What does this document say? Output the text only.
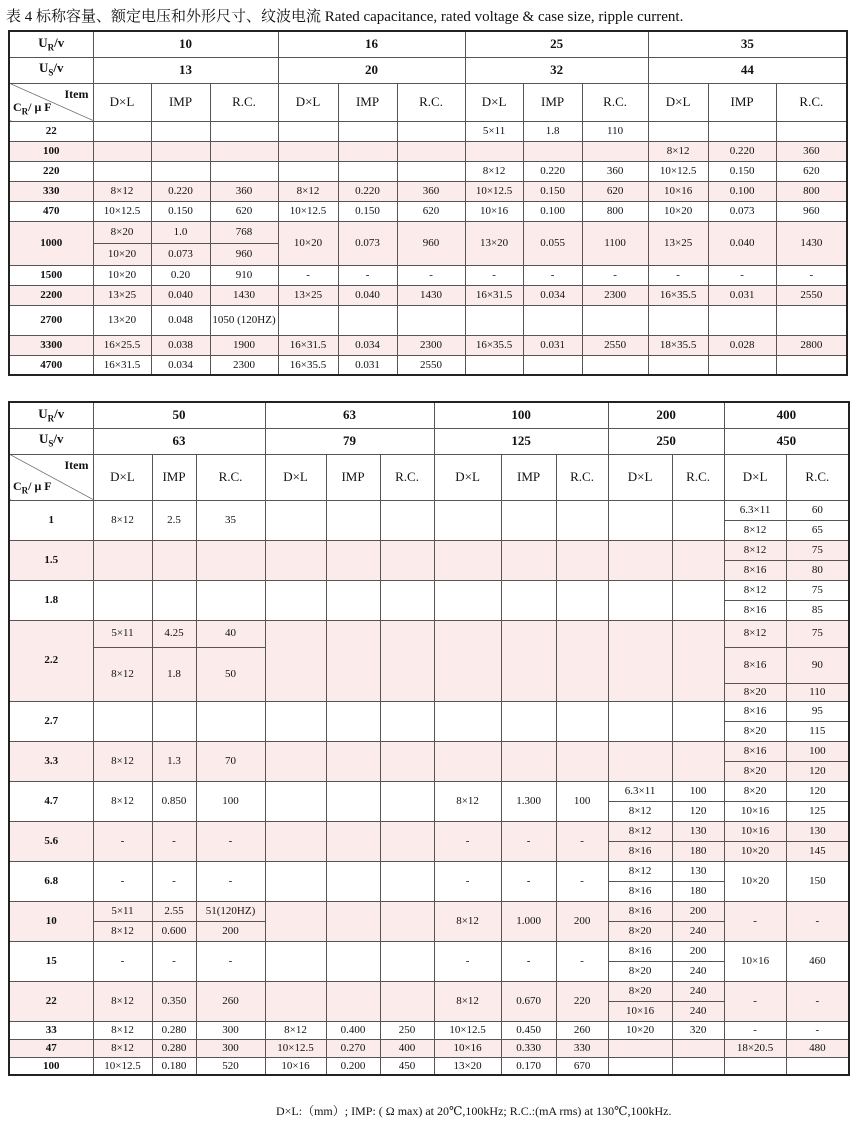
表 4 标称容量、额定电压和外形尺寸、纹波电流 Rated capacitance, rated voltage & case size, ripple current.
$U_R/v$	10			16			25			35		
$U_S/v$	13			20			32			44		

Item
$C_R/$ μ F	D×L	IMP	R.C.	D×L	IMP	R.C.	D×L	IMP	R.C.	D×L	IMP	R.C.
22							5×11	1.8	110			
100										8×12	0.220	360
220							8×12	0.220	360	10×12.5	0.150	620
330	8×12	0.220	360	8×12	0.220	360	10×12.5	0.150	620	10×16	0.100	800
470	10×12.5	0.150	620	10×12.5	0.150	620	10×16	0.100	800	10×20	0.073	960
1000	8×20	1.0	768	10×20	0.073	960	13×20	0.055	1100	13×25	0.040	1430
	10×20	0.073	960									
1500	10×20	0.20	910	-	-	-	-	-	-	-	-	-
2200	13×25	0.040	1430	13×25	0.040	1430	16×31.5	0.034	2300	16×35.5	0.031	2550
2700	13×20	0.048	1050 (120HZ)									
3300	16×25.5	0.038	1900	16×31.5	0.034	2300	16×35.5	0.031	2550	18×35.5	0.028	2800
4700	16×31.5	0.034	2300	16×35.5	0.031	2550						
$U_R/v$	50			63			100			200		400	
$U_S/v$	63			79			125			250		450	

Item
$C_R/$ μ F	D×L	IMP	R.C.	D×L	IMP	R.C.	D×L	IMP	R.C.	D×L	R.C.	D×L	R.C.
1	8×12	2.5	35									6.3×11	60
												8×12	65
1.5												8×12	75
												8×16	80
1.8												8×12	75
												8×16	85
2.2	5×11	4.25	40									8×12	75
	8×12	1.8	50									8×16	90
												8×20	110
2.7												8×16	95
												8×20	115
3.3	8×12	1.3	70									8×16	100
												8×20	120
4.7	8×12	0.850	100				8×12	1.300	100	6.3×11	100	8×20	120
										8×12	120	10×16	125
5.6	-	-	-				-	-	-	8×12	130	10×16	130
										8×16	180	10×20	145
6.8	-	-	-				-	-	-	8×12	130	10×20	150
										8×16	180		
10	5×11	2.55	51(120HZ)				8×12	1.000	200	8×16	200	-	-
	8×12	0.600	200							8×20	240		
15	-	-	-				-	-	-	8×16	200	10×16	460
										8×20	240		
22	8×12	0.350	260				8×12	0.670	220	8×20	240	-	-
										10×16	240		
33	8×12	0.280	300	8×12	0.400	250	10×12.5	0.450	260	10×20	320	-	-
47	8×12	0.280	300	10×12.5	0.270	400	10×16	0.330	330			18×20.5	480
100	10×12.5	0.180	520	10×16	0.200	450	13×20	0.170	670				
D×L:（mm）; IMP: ( Ω max) at 20℃,100kHz; R.C.:(mA rms) at 130℃,100kHz.
